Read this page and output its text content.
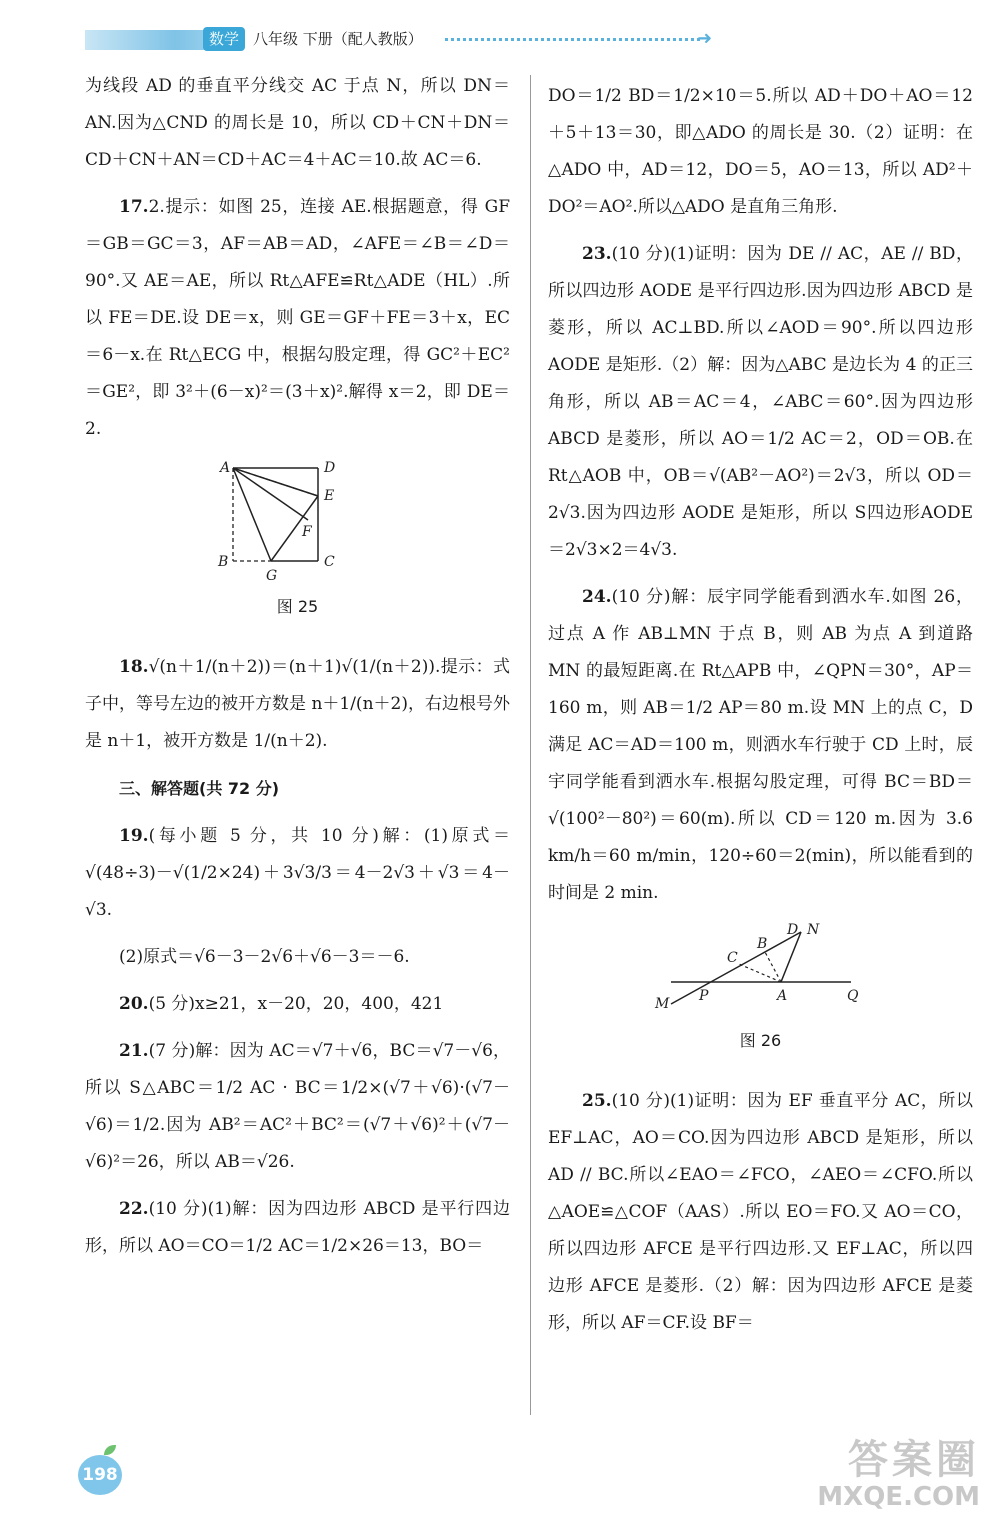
数学 八年级 下册（配人教版）	➜

为线段 AD 的垂直平分线交 AC 于点 N，所以 DN＝AN.因为△CND 的周长是 10，所以 CD＋CN＋DN＝CD＋CN＋AN＝CD＋AC＝4＋AC＝10.故 AC＝6.

17.2.提示：如图 25，连接 AE.根据题意，得 GF＝GB＝GC＝3，AF＝AB＝AD，∠AFE＝∠B＝∠D＝90°.又 AE＝AE，所以 Rt△AFE≌Rt△ADE（HL）.所以 FE＝DE.设 DE＝x，则 GE＝GF＋FE＝3＋x，EC＝6－x.在 Rt△ECG 中，根据勾股定理，得 GC²＋EC²＝GE²，即 3²＋(6－x)²＝(3＋x)².解得 x＝2，即 DE＝2.

A	D
E
F
B
G
C
图 25

18.√(n＋1/(n＋2))＝(n＋1)√(1/(n＋2)).提示：式子中，等号左边的被开方数是 n＋1/(n＋2)，右边根号外是 n＋1，被开方数是 1/(n＋2).

三、解答题(共 72 分)

19.(每小题 5 分，共 10 分)解：(1)原式＝√(48÷3)－√(1/2×24)＋3√3/3＝4－2√3＋√3＝4－√3.

(2)原式＝√6－3－2√6＋√6－3＝－6.

20.(5 分)x≥21，x－20，20，400，421

21.(7 分)解：因为 AC＝√7＋√6，BC＝√7－√6，所以 S△ABC＝1/2 AC · BC＝1/2×(√7＋√6)·(√7－√6)＝1/2.因为 AB²＝AC²＋BC²＝(√7＋√6)²＋(√7－√6)²＝26，所以 AB＝√26.

22.(10 分)(1)解：因为四边形 ABCD 是平行四边形，所以 AO＝CO＝1/2 AC＝1/2×26＝13，BO＝

DO＝1/2 BD＝1/2×10＝5.所以 AD＋DO＋AO＝12＋5＋13＝30，即△ADO 的周长是 30.（2）证明：在△ADO 中，AD＝12，DO＝5，AO＝13，所以 AD²＋DO²＝AO².所以△ADO 是直角三角形.

23.(10 分)(1)证明：因为 DE // AC，AE // BD，所以四边形 AODE 是平行四边形.因为四边形 ABCD 是菱形，所以 AC⊥BD.所以∠AOD＝90°.所以四边形 AODE 是矩形.（2）解：因为△ABC 是边长为 4 的正三角形，所以 AB＝AC＝4，∠ABC＝60°.因为四边形 ABCD 是菱形，所以 AO＝1/2 AC＝2，OD＝OB.在 Rt△AOB 中，OB＝√(AB²－AO²)＝2√3，所以 OD＝2√3.因为四边形 AODE 是矩形，所以 S四边形AODE＝2√3×2＝4√3.

24.(10 分)解：辰宇同学能看到洒水车.如图 26，过点 A 作 AB⊥MN 于点 B，则 AB 为点 A 到道路 MN 的最短距离.在 Rt△APB 中，∠QPN＝30°，AP＝160 m，则 AB＝1/2 AP＝80 m.设 MN 上的点 C，D 满足 AC＝AD＝100 m，则洒水车行驶于 CD 上时，辰宇同学能看到洒水车.根据勾股定理，可得 BC＝BD＝√(100²－80²)＝60(m).所以 CD＝120 m.因为 3.6 km/h＝60 m/min，120÷60＝2(min)，所以能看到的时间是 2 min.

D N
B
C
M P	A	Q
图 26

25.(10 分)(1)证明：因为 EF 垂直平分 AC，所以 EF⊥AC，AO＝CO.因为四边形 ABCD 是矩形，所以 AD // BC.所以∠EAO＝∠FCO，∠AEO＝∠CFO.所以△AOE≌△COF（AAS）.所以 EO＝FO.又 AO＝CO，所以四边形 AFCE 是平行四边形.又 EF⊥AC，所以四边形 AFCE 是菱形.（2）解：因为四边形 AFCE 是菱形，所以 AF＝CF.设 BF＝

198	答案圈
MXQE.COM
